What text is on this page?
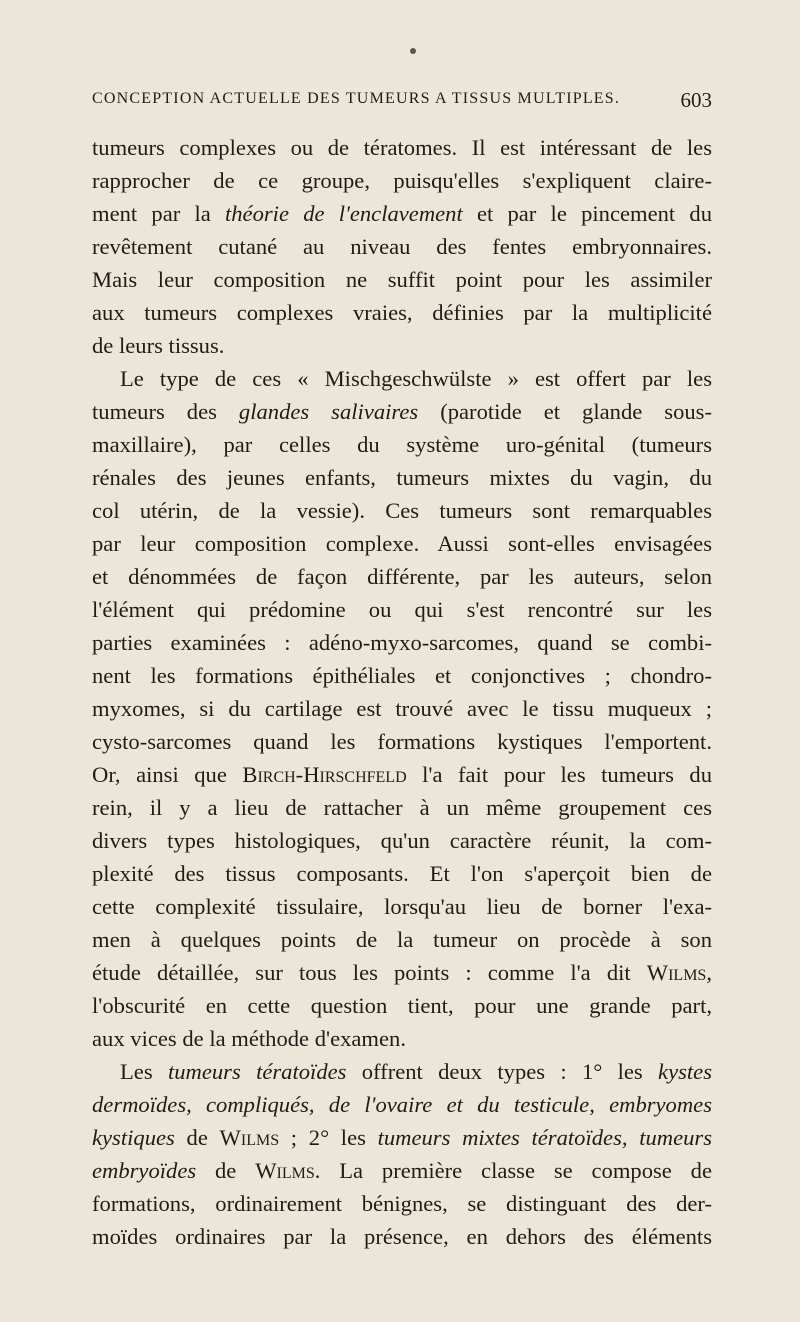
CONCEPTION ACTUELLE DES TUMEURS A TISSUS MULTIPLES.	603
tumeurs complexes ou de tératomes. Il est intéressant de les
rapprocher de ce groupe, puisqu'elles s'expliquent claire-
ment par la théorie de l'enclavement et par le pincement du
revêtement cutané au niveau des fentes embryonnaires.
Mais leur composition ne suffit point pour les assimiler
aux tumeurs complexes vraies, définies par la multiplicité
de leurs tissus.
Le type de ces « Mischgeschwülste » est offert par les
tumeurs des glandes salivaires (parotide et glande sous-
maxillaire), par celles du système uro-génital (tumeurs
rénales des jeunes enfants, tumeurs mixtes du vagin, du
col utérin, de la vessie). Ces tumeurs sont remarquables
par leur composition complexe. Aussi sont-elles envisagées
et dénommées de façon différente, par les auteurs, selon
l'élément qui prédomine ou qui s'est rencontré sur les
parties examinées : adéno-myxo-sarcomes, quand se combi-
nent les formations épithéliales et conjonctives ; chondro-
myxomes, si du cartilage est trouvé avec le tissu muqueux ;
cysto-sarcomes quand les formations kystiques l'emportent.
Or, ainsi que Birch-Hirschfeld l'a fait pour les tumeurs du
rein, il y a lieu de rattacher à un même groupement ces
divers types histologiques, qu'un caractère réunit, la com-
plexité des tissus composants. Et l'on s'aperçoit bien de
cette complexité tissulaire, lorsqu'au lieu de borner l'exa-
men à quelques points de la tumeur on procède à son
étude détaillée, sur tous les points : comme l'a dit Wilms,
l'obscurité en cette question tient, pour une grande part,
aux vices de la méthode d'examen.
Les tumeurs tératoïdes offrent deux types : 1° les kystes
dermoïdes, compliqués, de l'ovaire et du testicule, embryomes
kystiques de Wilms ; 2° les tumeurs mixtes tératoïdes, tumeurs
embryoïdes de Wilms. La première classe se compose de
formations, ordinairement bénignes, se distinguant des der-
moïdes ordinaires par la présence, en dehors des éléments
